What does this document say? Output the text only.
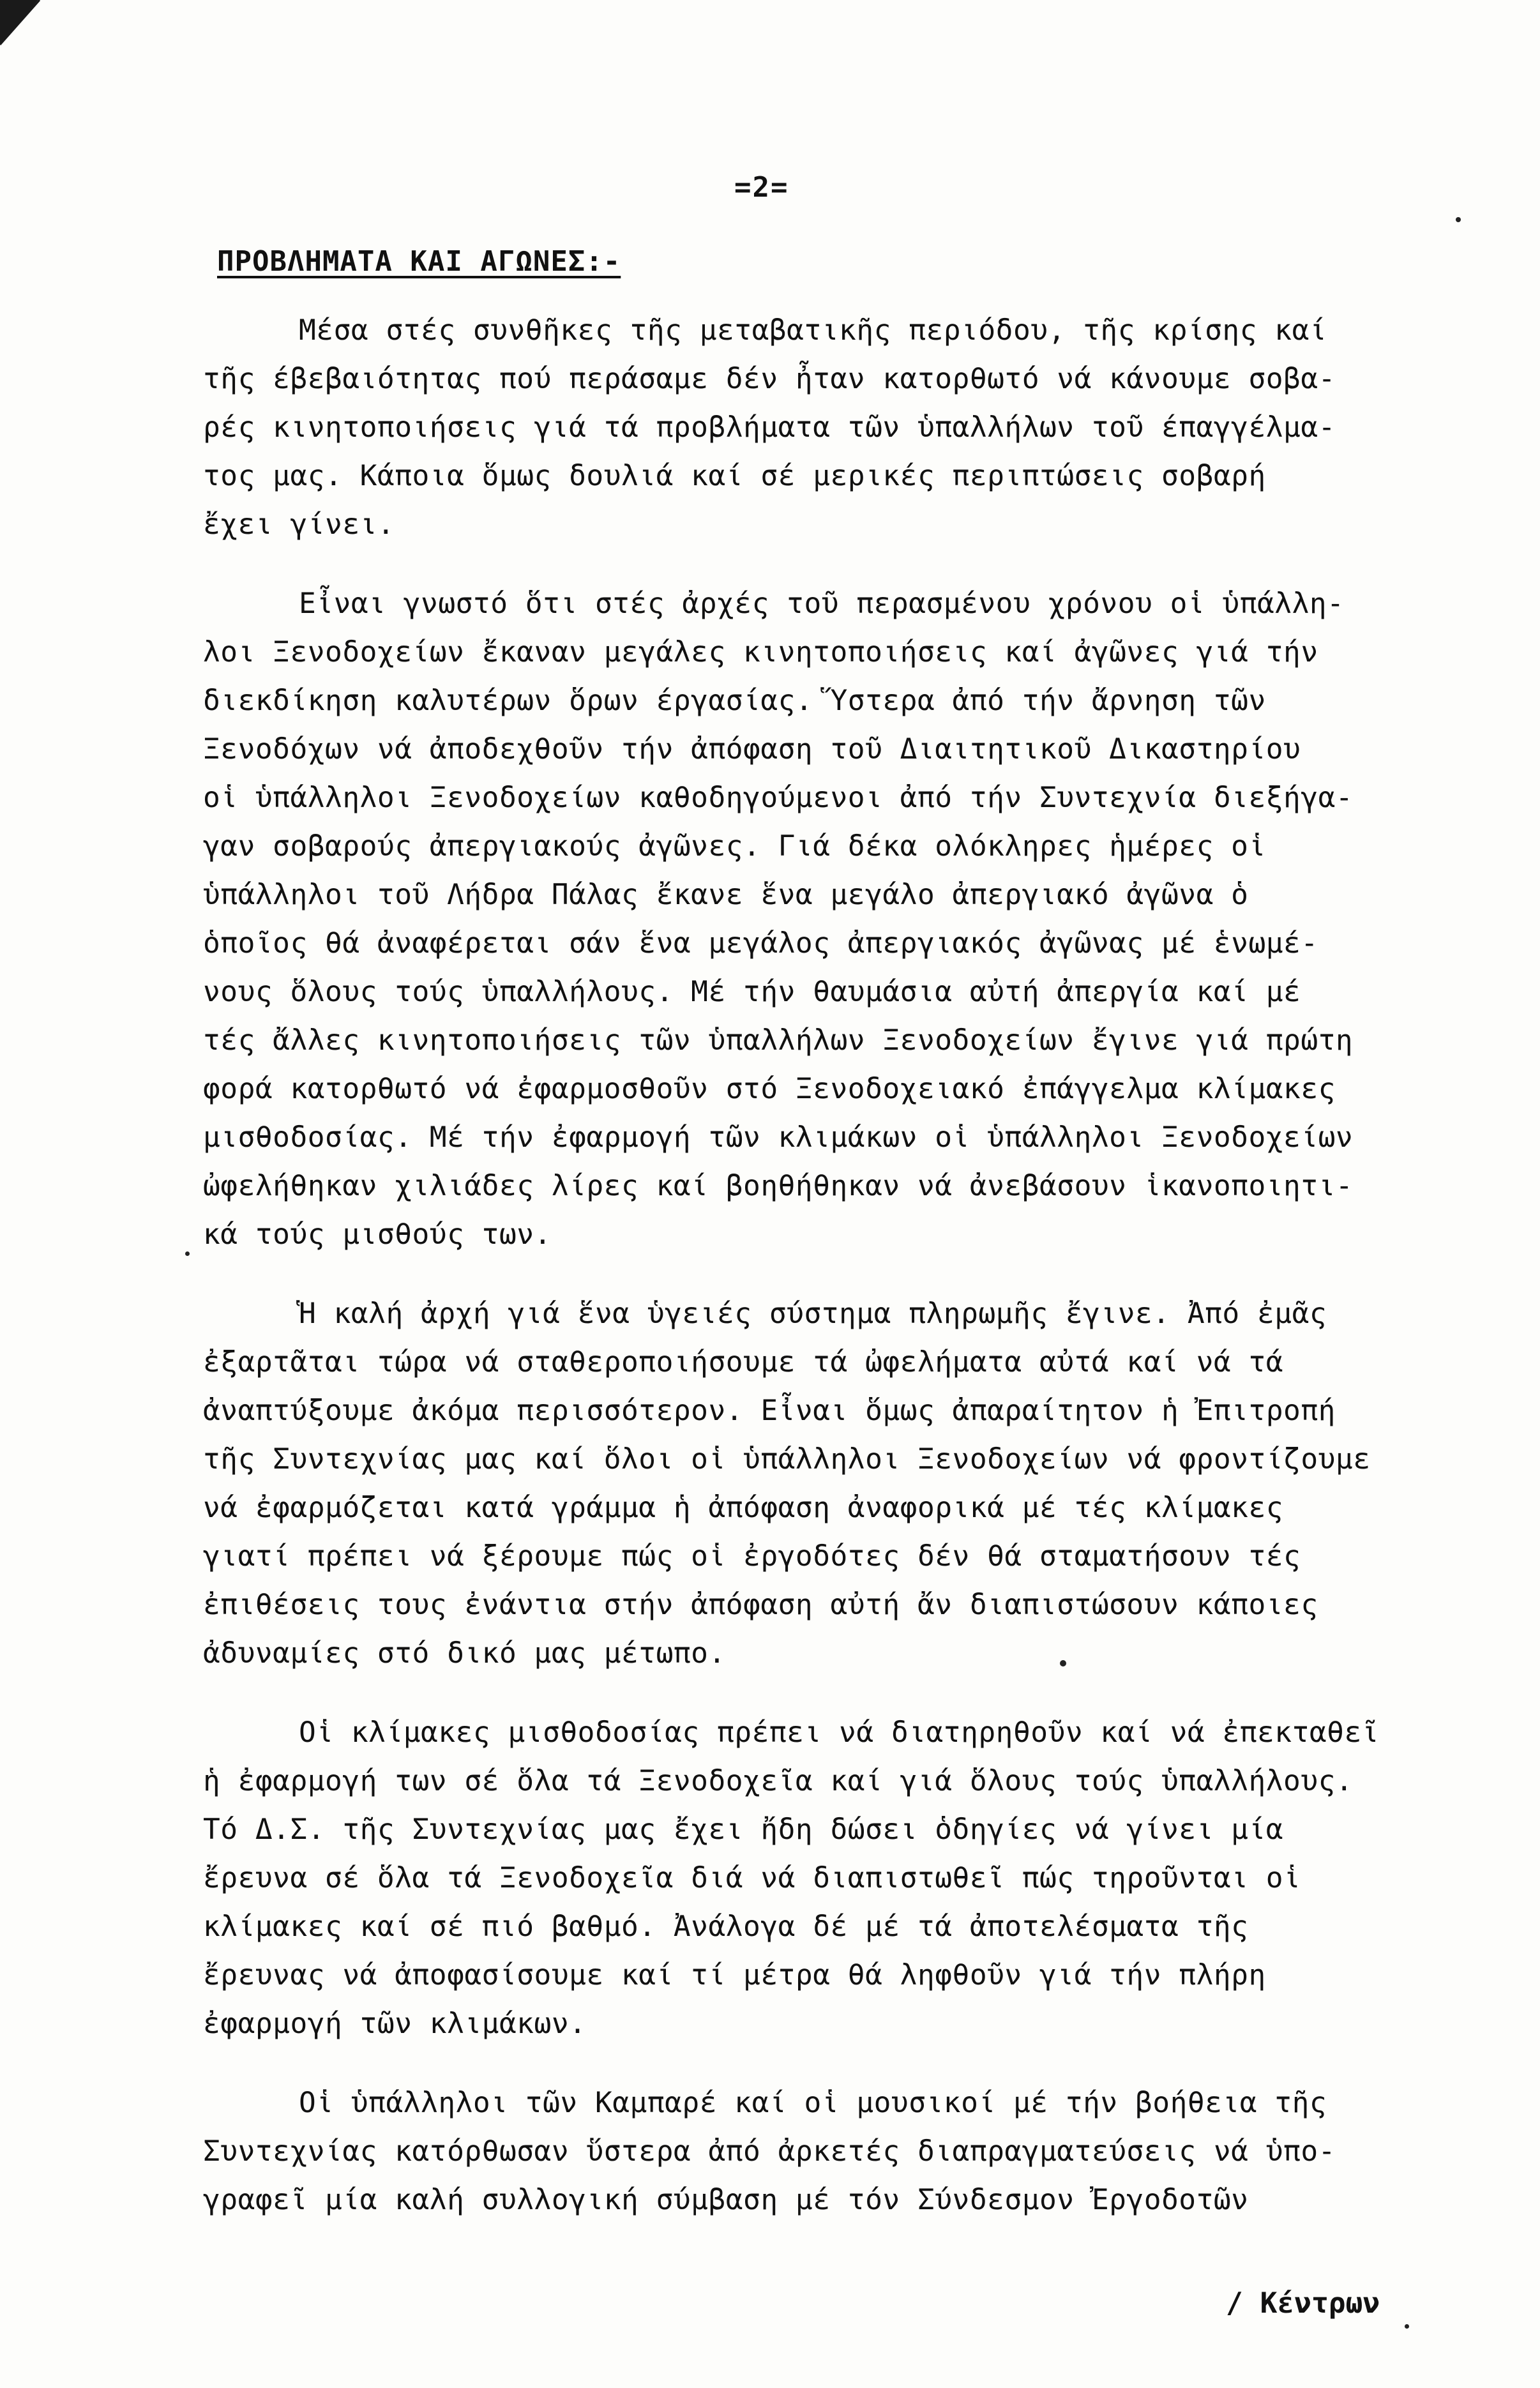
=2=
ΠΡΟΒΛΗΜΑΤΑ ΚΑΙ ΑΓΩΝΕΣ:-
Μέσα στές συνθῆκες τῆς μεταβατικῆς περιόδου, τῆς κρίσης καί
τῆς έβεβαιότητας πού περάσαμε δέν ἦταν κατορθωτό νά κάνουμε σοβα-
ρές κινητοποιήσεις γιά τά προβλήματα τῶν ὑπαλλήλων τοῦ έπαγγέλμα-
τος μας. Κάποια ὅμως δουλιά καί σέ μερικές περιπτώσεις σοβαρή
ἔχει γίνει.
Εἶναι γνωστό ὅτι στές ἀρχές τοῦ περασμένου χρόνου οἱ ὑπάλλη-
λοι Ξενοδοχείων ἔκαναν μεγάλες κινητοποιήσεις καί ἀγῶνες γιά τήν
διεκδίκηση καλυτέρων ὅρων έργασίας. Ὕστερα ἀπό τήν ἄρνηση τῶν
Ξενοδόχων νά ἀποδεχθοῦν τήν ἀπόφαση τοῦ Διαιτητικοῦ Δικαστηρίου
οἱ ὑπάλληλοι Ξενοδοχείων καθοδηγούμενοι ἀπό τήν Συντεχνία διεξήγα-
γαν σοβαρούς ἀπεργιακούς ἀγῶνες. Γιά δέκα ολόκληρες ἡμέρες οἱ
ὑπάλληλοι τοῦ Λήδρα Πάλας ἔκανε ἕνα μεγάλο ἀπεργιακό ἀγῶνα ὁ
ὁποῖος θά ἀναφέρεται σάν ἕνα μεγάλος ἀπεργιακός ἀγῶνας μέ ἑνωμέ-
νους ὅλους τούς ὑπαλλήλους. Μέ τήν θαυμάσια αὐτή ἀπεργία καί μέ
τές ἄλλες κινητοποιήσεις τῶν ὑπαλλήλων Ξενοδοχείων ἔγινε γιά πρώτη
φορά κατορθωτό νά ἐφαρμοσθοῦν στό Ξενοδοχειακό ἐπάγγελμα κλίμακες
μισθοδοσίας. Μέ τήν ἐφαρμογή τῶν κλιμάκων οἱ ὑπάλληλοι Ξενοδοχείων
ὠφελήθηκαν χιλιάδες λίρες καί βοηθήθηκαν νά ἀνεβάσουν ἱκανοποιητι-
κά τούς μισθούς των.
Ἡ καλή ἀρχή γιά ἕνα ὑγειές σύστημα πληρωμῆς ἔγινε. Ἀπό ἐμᾶς
ἐξαρτᾶται τώρα νά σταθεροποιήσουμε τά ὠφελήματα αὐτά καί νά τά
ἀναπτύξουμε ἀκόμα περισσότερον. Εἶναι ὅμως ἀπαραίτητον ἡ Ἐπιτροπή
τῆς Συντεχνίας μας καί ὅλοι οἱ ὑπάλληλοι Ξενοδοχείων νά φροντίζουμε
νά ἐφαρμόζεται κατά γράμμα ἡ ἀπόφαση ἀναφορικά μέ τές κλίμακες
γιατί πρέπει νά ξέρουμε πώς οἱ ἐργοδότες δέν θά σταματήσουν τές
ἐπιθέσεις τους ἐνάντια στήν ἀπόφαση αὐτή ἄν διαπιστώσουν κάποιες
ἀδυναμίες στό δικό μας μέτωπο.
Οἱ κλίμακες μισθοδοσίας πρέπει νά διατηρηθοῦν καί νά ἐπεκταθεῖ
ἡ ἐφαρμογή των σέ ὅλα τά Ξενοδοχεῖα καί γιά ὅλους τούς ὑπαλλήλους.
Τό Δ.Σ. τῆς Συντεχνίας μας ἔχει ἤδη δώσει ὁδηγίες νά γίνει μία
ἔρευνα σέ ὅλα τά Ξενοδοχεῖα διά νά διαπιστωθεῖ πώς τηροῦνται οἱ
κλίμακες καί σέ πιό βαθμό. Ἀνάλογα δέ μέ τά ἀποτελέσματα τῆς
ἔρευνας νά ἀποφασίσουμε καί τί μέτρα θά ληφθοῦν γιά τήν πλήρη
ἐφαρμογή τῶν κλιμάκων.
Οἱ ὑπάλληλοι τῶν Καμπαρέ καί οἱ μουσικοί μέ τήν βοήθεια τῆς
Συντεχνίας κατόρθωσαν ὕστερα ἀπό ἀρκετές διαπραγματεύσεις νά ὑπο-
γραφεῖ μία καλή συλλογική σύμβαση μέ τόν Σύνδεσμον Ἐργοδοτῶν
/ Κέντρων
